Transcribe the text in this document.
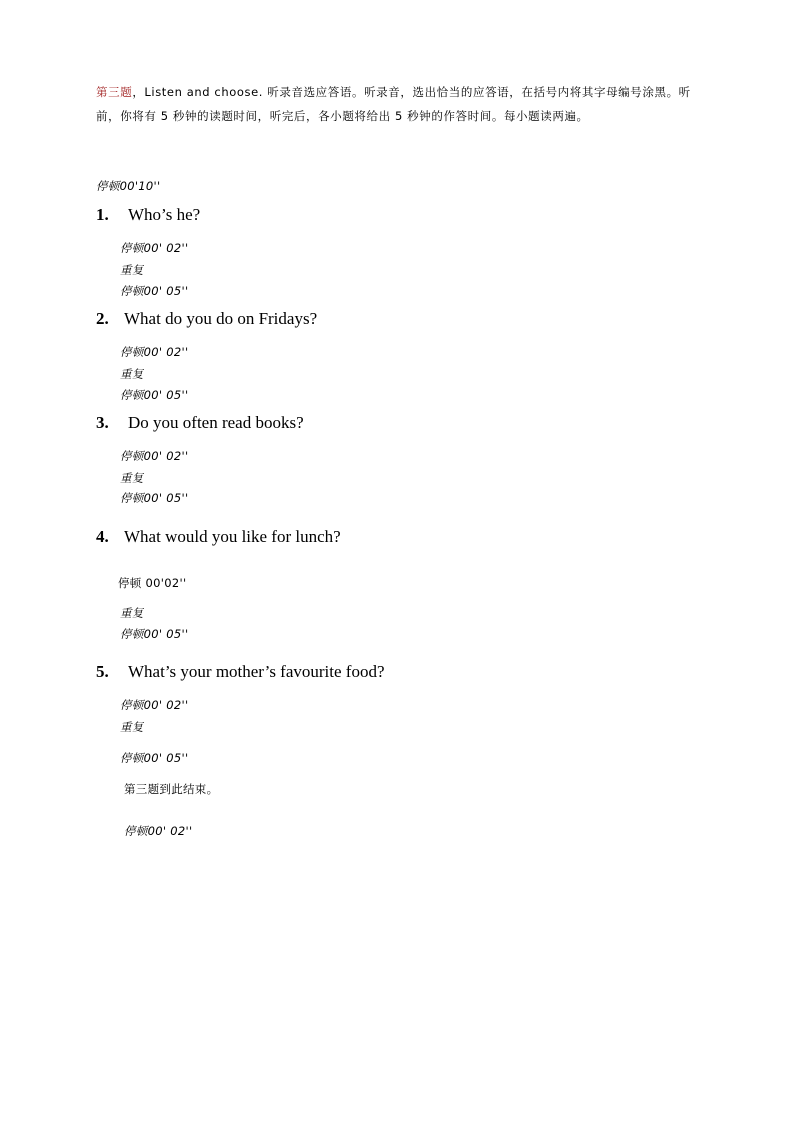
第三题，Listen and choose. 听录音选应答语。听录音，选出恰当的应答语，在括号内将其字母编号涂黑。听前，你将有 5 秒钟的读题时间，听完后，各小题将给出 5 秒钟的作答时间。每小题读两遍。
停顿00'10''
1. Who’s he?
停顿00' 02''
重复
停顿00' 05''
2. What do you do on Fridays?
停顿00' 02''
重复
停顿00' 05''
3. Do you often read books?
停顿00' 02''
重复
停顿00' 05''
4. What would you like for lunch?
停顿 00'02''
重复
停顿00' 05''
5. What’s your mother’s favourite food?
停顿00' 02''
重复
停顿00' 05''
第三题到此结束。
停顿00' 02''
